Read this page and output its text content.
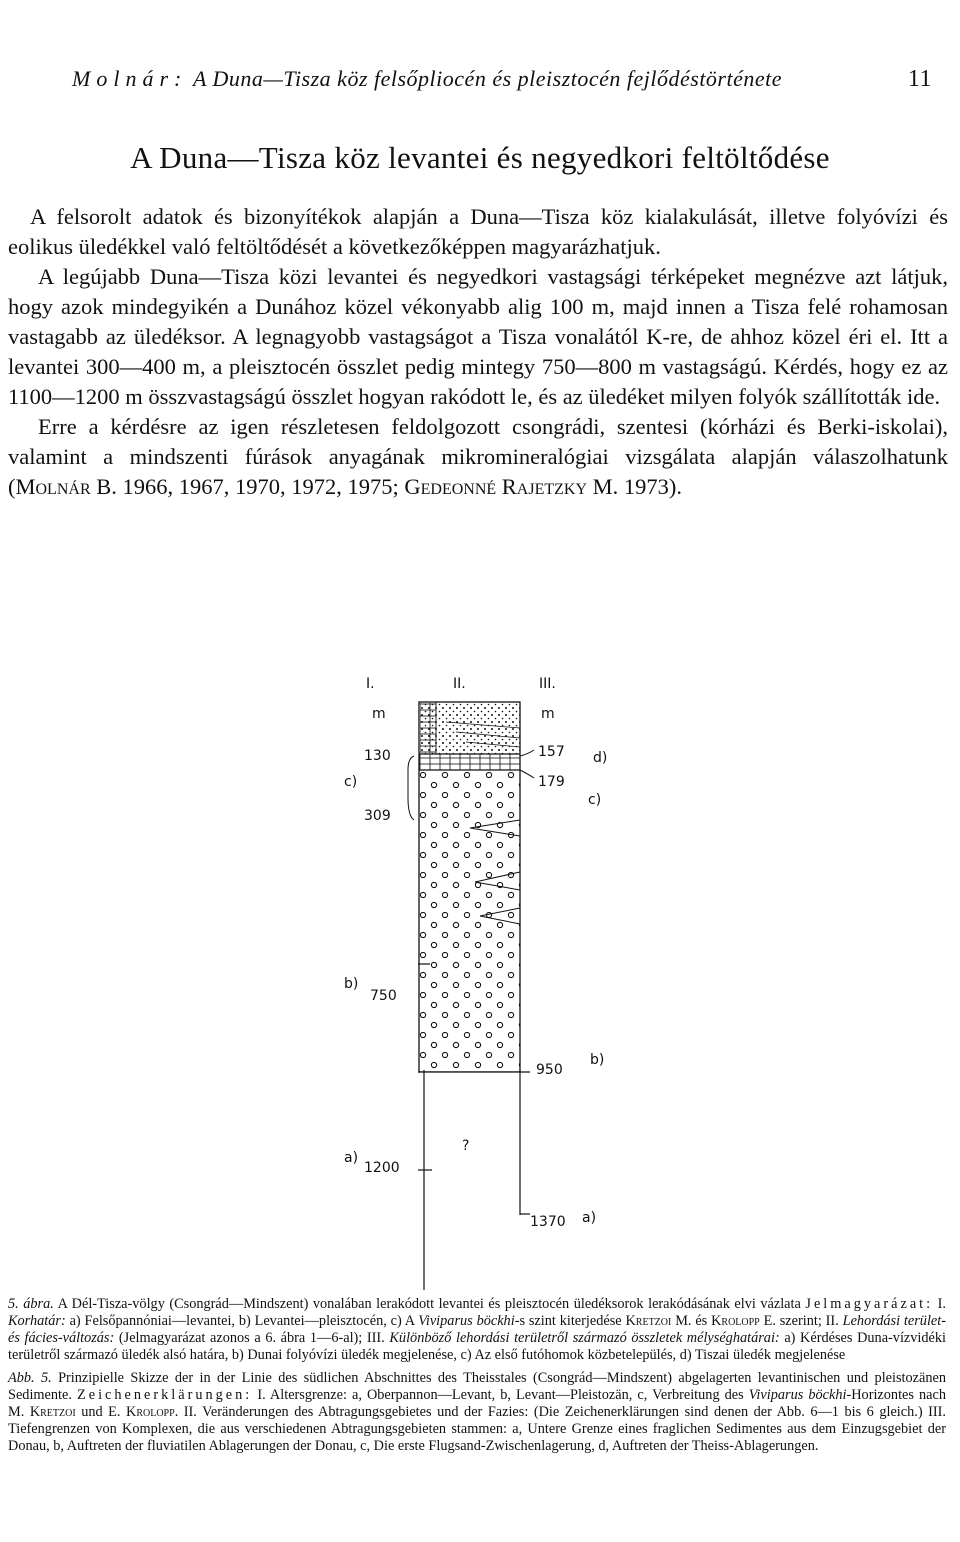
Molnár: A Duna—Tisza köz felsőpliocén és pleisztocén fejlődéstörténete	11
A Duna—Tisza köz levantei és negyedkori feltöltődése

A felsorolt adatok és bizonyítékok alapján a Duna—Tisza köz kialakulását, illetve folyóvízi és eolikus üledékkel való feltöltődését a következőképpen magyarázhatjuk.

A legújabb Duna—Tisza közi levantei és negyedkori vastagsági térképeket megnézve azt látjuk, hogy azok mindegyikén a Dunához közel vékonyabb alig 100 m, majd innen a Tisza felé rohamosan vastagabb az üledéksor. A legnagyobb vastagságot a Tisza vonalától K-re, de ahhoz közel éri el. Itt a levantei 300—400 m, a pleisztocén összlet pedig mintegy 750—800 m vastagságú. Kérdés, hogy ez az 1100—1200 m összvastagságú összlet hogyan rakódott le, és az üledéket milyen folyók szállították ide.

Erre a kérdésre az igen részletesen feldolgozott csongrádi, szentesi (kórházi és Berki-iskolai), valamint a mindszenti fúrások anyagának mikromineralógiai vizsgálata alapján válaszolhatunk (Molnár B. 1966, 1967, 1970, 1972, 1975; Gedeonné Rajetzky M. 1973).

I.	II.	III.
m	m
130
c)
309
b)
750
a)
1200
157 d)
179
c)
950
b)
1370 a)
?

5. ábra. A Dél-Tisza-völgy (Csongrád—Mindszent) vonalában lerakódott levantei és pleisztocén üledéksorok lerakódásának elvi vázlata Jelmagyarázat: I. Korhatár: a) Felsőpannóniai—levantei, b) Levantei—pleisztocén, c) A Viviparus böckhi-s szint kiterjedése Kretzoi M. és Krolopp E. szerint; II. Lehordási terület- és fácies-változás: (Jelmagyarázat azonos a 6. ábra 1—6-al); III. Különböző lehordási területről származó összletek mélységhatárai: a) Kérdéses Duna-vízvidéki területről származó üledék alsó határa, b) Dunai folyóvízi üledék megjelenése, c) Az első futóhomok közbetelepülés, d) Tiszai üledék megjelenése

Abb. 5. Prinzipielle Skizze der in der Linie des südlichen Abschnittes des Theisstales (Csongrád—Mindszent) abgelagerten levantinischen und pleistozänen Sedimente. Zeichenerklärungen: I. Altersgrenze: a, Oberpannon—Levant, b, Levant—Pleistozän, c, Verbreitung des Viviparus böckhi-Horizontes nach M. Kretzoi und E. Krolopp. II. Veränderungen des Abtragungsgebietes und der Fazies: (Die Zeichenerklärungen sind denen der Abb. 6—1 bis 6 gleich.) III. Tiefengrenzen von Komplexen, die aus verschiedenen Abtragungsgebieten stammen: a, Untere Grenze eines fraglichen Sedimentes aus dem Einzugsgebiet der Donau, b, Auftreten der fluviatilen Ablagerungen der Donau, c, Die erste Flugsand-Zwischenlagerung, d, Auftreten der Theiss-Ablagerungen.
